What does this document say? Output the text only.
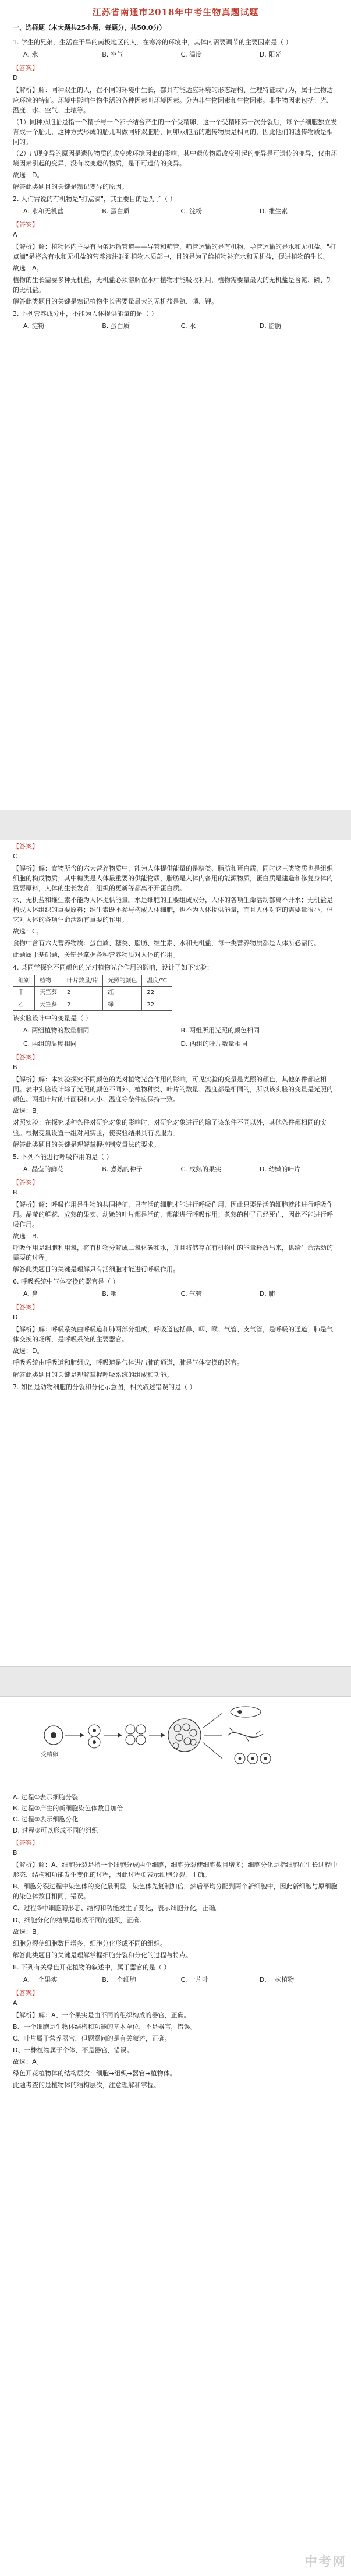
江苏省南通市2018年中考生物真题试题
一、选择题（本大题共25小题，每题分，共50.0分）

1. 学生的兄弟，生活在干旱的南极地区的人，在寒冷的环境中，其体内需要调节的主要因素是（ ）

A. 水	B. 空气	C. 温度	D. 阳光

【答案】

D

【解析】解：同种双生的人，在不同的环境中生长，都具有能适应环境的形态结构、生理特征或行为，属于生物适应环境的特征。环境中影响生物生活的各种因素叫环境因素。分为非生物因素和生物因素。非生物因素包括：光、温度、水、空气、土壤等。

（1）同种双胞胎是指一个精子与一个卵子结合产生的一个受精卵，这一个受精卵第一次分裂后，每个子细胞独立发育成一个胎儿，这种方式形成的胎儿叫做同卵双胞胎，同卵双胞胎的遗传物质是相同的，因此他们的遗传物质是相同的。

（2）出现变异的原因是遗传物质的改变或环境因素的影响，其中遗传物质改变引起的变异是可遗传的变异，仅由环境因素引起的变异，没有改变遗传物质，是不可遗传的变异。

故选：D。

解答此类题目的关键是熟记变异的原因。

2. 人们常说的有机物是"打点滴"，其主要目的是为了（ ）

A. 水和无机盐	B. 蛋白质	C. 淀粉	D. 维生素

【答案】

A

【解析】解：植物体内主要有两条运输管道——导管和筛管，筛管运输的是有机物，导管运输的是水和无机盐。"打点滴"是将含有水和无机盐的营养液注射到植物木质部中，目的是为了给植物补充水和无机盐，促进植物的生长。

故选：A。

植物的生长需要多种无机盐，无机盐必须溶解在水中植物才能吸收利用，植物需要量最大的无机盐是含氮、磷、钾的无机盐。

解答此类题目的关键是熟记植物生长需要量最大的无机盐是氮、磷、钾。

3. 下列营养成分中，不能为人体提供能量的是（ ）

A. 淀粉	B. 蛋白质	C. 水	D. 脂肪

【答案】

C

【解析】解：食物所含的六大营养物质中，能为人体提供能量的是糖类、脂肪和蛋白质，同时这三类物质也是组织细胞的构成物质；其中糖类是人体最重要的供能物质，脂肪是人体内备用的能源物质，蛋白质是建造和修复身体的重要原料，人体的生长发育、组织的更新等都离不开蛋白质。

水、无机盐和维生素不能为人体提供能量。水是细胞的主要组成成分，人体的各项生命活动都离不开水；无机盐是构成人体组织的重要原料；维生素既不参与构成人体细胞，也不为人体提供能量，而且人体对它的需要量很小，但它对人体的各项生命活动有重要的作用。

故选：C。

食物中含有六大营养物质：蛋白质、糖类、脂肪、维生素、水和无机盐，每一类营养物质都是人体所必需的。

此题属于基础题，关键是掌握各种营养物质对人体的作用。

4. 某同学探究不同颜色的光对植物光合作用的影响，设计了如下实验：

组别	植物	叶片数量/片	光照的颜色	温度/℃
甲	天竺葵	2	红	22
乙	天竺葵	2	绿	22

该实验设计中的变量是（ ）

A. 两组植物的数量相同	B. 两组所用光照的颜色相同
C. 两组的温度相同	D. 两组的叶片数量相同

【答案】

B

【解析】解：本实验探究不同颜色的光对植物光合作用的影响，可见实验的变量是光照的颜色，其他条件都应相同。表中实验设计除了光照的颜色不同外，植物种类、叶片的数量、温度都是相同的，所以该实验的变量是光照的颜色。两组叶片的叶面积和大小、温度等条件应保持一致。

故选：B。

对照实验：在探究某种条件对研究对象的影响时，对研究对象进行的除了该条件不同以外，其他条件都相同的实验。根据变量设置一组对照实验，使实验结果具有说服力。

解答此类题目的关键是理解掌握控制变量法的要求。

5. 下列不能进行呼吸作用的是（ ）

A. 晶莹的鲜花	B. 煮熟的种子	C. 成熟的果实	D. 幼嫩的叶片

【答案】

B

【解析】解：呼吸作用是生物的共同特征，只有活的细胞才能进行呼吸作用，因此只要是活的细胞就能进行呼吸作用。晶莹的鲜花、成熟的果实、幼嫩的叶片都是活的，都能进行呼吸作用；煮熟的种子已经死亡，因此不能进行呼吸作用。

故选：B。

呼吸作用是细胞利用氧，将有机物分解成二氧化碳和水，并且将储存在有机物中的能量释放出来，供给生命活动的需要的过程。

解答此类题目的关键是理解只有活细胞才能进行呼吸作用。

6. 呼吸系统中气体交换的器官是（ ）

A. 鼻	B. 咽	C. 气管	D. 肺

【答案】

D

【解析】解：呼吸系统由呼吸道和肺两部分组成，呼吸道包括鼻、咽、喉、气管、支气管，是呼吸的通道；肺是气体交换的场所，是呼吸系统的主要器官。

故选：D。

呼吸系统由呼吸道和肺组成，呼吸道是气体进出肺的通道，肺是气体交换的器官。

解答此类题目的关键是理解掌握呼吸系统的组成和功能。

7. 如图是动物细胞的分裂和分化示意图，相关叙述错误的是（ ）

受精卵

A. 过程①表示细胞分裂

B. 过程②产生的新细胞染色体数目加倍

C. 过程③表示细胞分化

D. 过程③可以形成不同的组织

【答案】

B

【解析】解：A、细胞分裂是指一个细胞分成两个细胞，细胞分裂使细胞数目增多；细胞分化是指细胞在生长过程中形态、结构和功能发生变化的过程，因此过程①表示细胞分裂，正确。

B、细胞分裂过程中染色体的变化最明显，染色体先复制加倍，然后平均分配到两个新细胞中，因此新细胞与原细胞的染色体数目相同，错误。

C、过程③中细胞的形态、结构和功能发生了变化，表示细胞分化，正确。

D、细胞分化的结果是形成不同的组织，正确。

故选：B。

细胞分裂使细胞数目增多，细胞分化形成不同的组织。

解答此类题目的关键是理解掌握细胞分裂和分化的过程与特点。

8. 下列有关绿色开花植物的叙述中，属于器官的是（ ）

A. 一个果实	B. 一个细胞	C. 一片叶	D. 一株植物

【答案】

A

【解析】解：A、一个果实是由不同的组织构成的器官，正确。

B、一个细胞是生物体结构和功能的基本单位，不是器官，错误。

C、叶片属于营养器官，但题意问的是有关叙述，正确。

D、一株植物属于个体，不是器官，错误。

故选：A。

绿色开花植物体的结构层次：细胞→组织→器官→植物体。

此题考查的是植物体的结构层次，注意理解和掌握。

中考网
